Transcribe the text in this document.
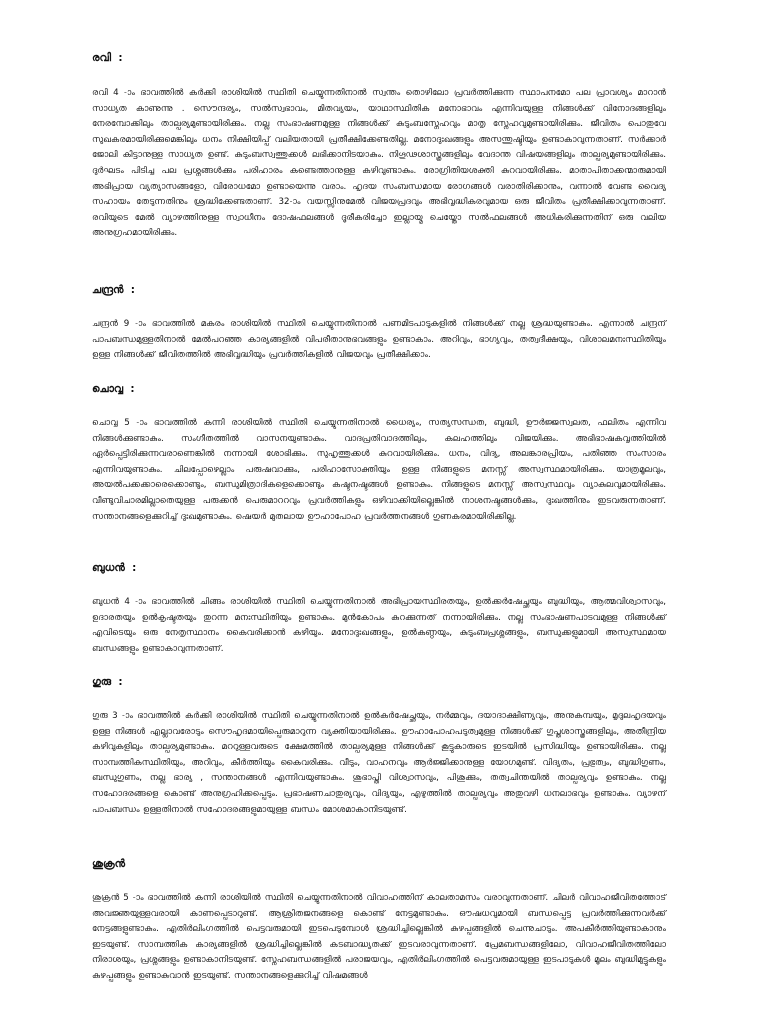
രവി  :

രവി 4 -ാം ഭാവത്തിൽ കർക്കി രാശിയിൽ സ്ഥിതി ചെയ്യുന്നതിനാൽ സ്വന്തം തൊഴിലോ പ്രവർത്തിക്കുന്ന സ്ഥാപനമോ പല പ്രാവശ്യം മാറാൻ സാധ്യത കാണുന്നു . സൌന്ദര്യം, സൽസ്വഭാവം, മിതവ്യയം, യാഥാസ്ഥിതിക മനോഭാവം എന്നിവയുള്ള നിങ്ങൾക്ക് വിനോദങ്ങളിലും നേരമ്പോക്കിലും താല്പര്യമുണ്ടായിരിക്കും. നല്ല സംഭാഷണമുള്ള നിങ്ങൾക്ക് കുടുംബസ്നേഹവും മാതൃ സ്നേഹവുമുണ്ടായിരിക്കും. ജീവിതം പൊതുവേ സുഖകരമായിരിക്കുമെങ്കിലും ധനം നിക്ഷിയിപ്പ് വലിയതായി പ്രതീക്ഷിക്കേണ്ടതില്ല. മനോദുഃഖങ്ങളും അസന്തുഷ്ടിയും ഉണ്ടാകാവുന്നതാണ്. സർക്കാർ ജോലി കിട്ടാനുള്ള സാധ്യത ഉണ്ട്. കുടുംബസ്വത്തുക്കൾ ലഭിക്കാനിടയാകും. നിഗൂഢശാസ്ത്രങ്ങളിലും വേദാന്ത വിഷയങ്ങളിലും താല്പര്യമുണ്ടായിരിക്കും. ദുർഘടം പിടിച്ച പല പ്രശ്നങ്ങൾക്കും പരിഹാരം കണ്ടെത്താനുള്ള കഴിവുണ്ടാകും. രോഗ്രിതിയശക്തി കുറവായിരിക്കും. മാതാപിതാക്കന്മാരുമായി അഭിപ്രായ വ്യത്യാസങ്ങളോ, വിരോധമോ ഉണ്ടായെന്നു വരാം. ഹൃദയ സംബന്ധമായ രോഗങ്ങൾ വരാതിരിക്കാനും, വന്നാൽ വേണ്ട വൈദ്യ സഹായം തേടുന്നതിനും ശ്രദ്ധിക്കേണ്ടതാണ്. 32-ാം വയസ്സിനുമേൽ വിജയപ്രദവും അഭിവൃദ്ധികരവുമായ ഒരു ജീവിതം പ്രതീക്ഷിക്കാവുന്നതാണ്. രവിയുടെ മേൽ വ്യാഴത്തിനുള്ള സ്വാധീനം ദോഷഫലങ്ങൾ ദൂരീകരിച്ചോ ഇല്ലായ്മ ചെയ്തോ സൽഫലങ്ങൾ അധികരിക്കുന്നതിന് ഒരു വലിയ അനുഗ്രഹമായിരിക്കും.

ചന്ദ്രൻ  :

ചന്ദ്രൻ 9 -ാം ഭാവത്തിൽ മകരം രാശിയിൽ സ്ഥിതി ചെയ്യുന്നതിനാൽ പണമിടപാടുകളിൽ നിങ്ങൾക്ക് നല്ല ശ്രദ്ധയുണ്ടാകും. എന്നാൽ ചന്ദ്രന് പാപബന്ധമുള്ളതിനാൽ മേൽപറഞ്ഞ കാര്യങ്ങളിൽ വിപരീതാനുഭവങ്ങളും ഉണ്ടാകാം. അറിവും, ഭാഗ്യവും, തത്വദീക്ഷയും, വിശാലമനഃസ്ഥിതിയും ഉള്ള നിങ്ങൾക്ക് ജീവിതത്തിൽ അഭിവൃദ്ധിയും പ്രവർത്തികളിൽ വിജയവും പ്രതീക്ഷിക്കാം.

ചൊവ്വ  :

ചൊവ്വ 5 -ാം ഭാവത്തിൽ കന്നി രാശിയിൽ സ്ഥിതി ചെയ്യുന്നതിനാൽ ധൈര്യം, സത്യസന്ധത, ബുദ്ധി, ഊർജ്ജസ്വലത, ഫലിതം എന്നിവ നിങ്ങൾക്കുണ്ടാകും. സംഗീതത്തിൽ വാസനയുണ്ടാകും. വാദപ്രതിവാദത്തിലും, കലഹത്തിലും വിജയിക്കും. അഭിഭാഷകവൃത്തിയിൽ ഏർപ്പെട്ടിരിക്കുന്നവരാണെങ്കിൽ നന്നായി ശോഭിക്കും. സുഹൃത്തുക്കൾ കുറവായിരിക്കും. ധനം, വിദ്യ, അലങ്കാരപ്രിയം, പതിഞ്ഞ സംസാരം എന്നിവയുണ്ടാകും. ചിലപ്പോഴെല്ലാം പരുഷവാക്കും, പരിഹാസോക്തിയും ഉള്ള നിങ്ങളുടെ മനസ്സ് അസ്വസ്ഥമായിരിക്കും. യാത്രമൂലവും, അയൽപക്കക്കാരെക്കൊണ്ടും, ബന്ധുമിത്രാദികളെക്കൊണ്ടും കഷ്ടനഷ്ടങ്ങൾ ഉണ്ടാകും. നിങ്ങളുടെ മനസ്സ് അസ്വസ്ഥവും വ്യാകുലവുമായിരിക്കും. വീണ്ടുവിചാരമില്ലാതെയുള്ള പരുക്കൻ പെരുമാററവും പ്രവർത്തികളും ഒഴിവാക്കിയില്ലെങ്കിൽ നാശനഷ്ടങ്ങൾക്കും, ദുഃഖത്തിനും ഇടവരുന്നതാണ്. സന്താനങ്ങളെക്കുറിച്ച് ദുഃഖമുണ്ടാകും. ഷെയർ മുതലായ ഊഹാപോഹ പ്രവർത്തനങ്ങൾ ഗുണകരമായിരിക്കില്ല.

ബുധൻ  :

ബുധൻ 4 -ാം ഭാവത്തിൽ ചിങ്ങം രാശിയിൽ സ്ഥിതി ചെയ്യുന്നതിനാൽ അഭിപ്രായസ്ഥിരതയും, ഉൽക്കർഷേച്ഛയും ബുദ്ധിയും, ആത്മവിശ്വാസവും, ഉദാരതയും ഉൽകൃഷ്ടതയും തുറന്ന മനഃസ്ഥിതിയും ഉണ്ടാകും. മുൻകോപം കുറക്കുന്നത് നന്നായിരിക്കും. നല്ല സംഭാഷണപാടവമുള്ള നിങ്ങൾക്ക് എവിടെയും ഒരു നേതൃസ്ഥാനം കൈവരിക്കാൻ കഴിയും. മനോദുഃഖങ്ങളും, ഉൽകണ്ഠയും, കുടുംബപ്രശ്നങ്ങളും, ബന്ധുക്കളുമായി അസ്വസ്ഥമായ ബന്ധങ്ങളും ഉണ്ടാകാവുന്നതാണ്.

ഗുരു  :

ഗുരു 3 -ാം ഭാവത്തിൽ കർക്കി രാശിയിൽ സ്ഥിതി ചെയ്യുന്നതിനാൽ ഉൽകർഷേച്ഛയും, നർമ്മവും, ദയാദാക്ഷിണ്യവും, അനുകമ്പയും, മൃദുലഹൃദയവും ഉള്ള നിങ്ങൾ എല്ലാവരോടും സൌഹൃദമായിപ്പെരുമാറുന്ന വ്യക്തിയായിരിക്കും. ഊഹാപോഹപടുത്വമുള്ള നിങ്ങൾക്ക് ഗുപ്തശാസ്ത്രങ്ങളിലും, അതീന്ദ്രിയ കഴിവുകളിലും താല്പര്യമുണ്ടാകും. മററുള്ളവരുടെ ക്ഷേമത്തിൽ താല്പര്യമുള്ള നിങ്ങൾക്ക് കൂട്ടുകാരുടെ ഇടയിൽ പ്രസിദ്ധിയും ഉണ്ടായിരിക്കും. നല്ല സാമ്പത്തികസ്ഥിതിയും, അറിവും, കീർത്തിയും കൈവരിക്കും. വീടും, വാഹനവും ആർജ്ജിക്കാനുള്ള യോഗമുണ്ട്. വിദ്യതം, പ്രഭുത്വം, ബുദ്ധിഗുണം, ബന്ധുഗുണം, നല്ല ഭാര്യ , സന്താനങ്ങൾ എന്നിവയുണ്ടാകും. ശുഭാപ്തി വിശ്വാസവും, പിശുക്കും, തത്വചിന്തയിൽ താല്പര്യവും ഉണ്ടാകും. നല്ല സഹോദരങ്ങളെ കൊണ്ട് അനുഗ്രഹിക്കപ്പെടും. പ്രഭാഷണചാതുര്യവും, വിദ്യയും, എഴുത്തിൽ താല്പര്യവും അതുവഴി ധനലാഭവും ഉണ്ടാകും. വ്യാഴന് പാപബന്ധം ഉള്ളതിനാൽ സഹോദരങ്ങളുമായുള്ള ബന്ധം മോശമാകാനിടയുണ്ട്.

ശുക്രൻ

ശുക്രൻ 5 -ാം ഭാവത്തിൽ കന്നി രാശിയിൽ സ്ഥിതി ചെയ്യുന്നതിനാൽ വിവാഹത്തിന് കാലതാമസം വരാവുന്നതാണ്. ചിലർ വിവാഹജീവിതത്തോട് അവജ്ഞയുള്ളവരായി കാണപ്പെടാറുണ്ട്. ആശ്രിതജനങ്ങളെ കൊണ്ട് നേട്ടമുണ്ടാകും. ഔഷധവുമായി ബന്ധപ്പെട്ട പ്രവർത്തിക്കുന്നവർക്ക് നേട്ടങ്ങളുണ്ടാകും. എതിർലിംഗത്തിൽ പെട്ടവരുമായി ഇടപെടുമ്പോൾ ശ്രദ്ധിച്ചില്ലെങ്കിൽ കുഴപ്പങ്ങളിൽ ചെന്നുചാടും. അപകീർത്തിയുണ്ടാകാനും ഇടയുണ്ട്. സാമ്പത്തിക കാര്യങ്ങളിൽ ശ്രദ്ധിച്ചില്ലെങ്കിൽ കടബാദ്ധ്യതക്ക് ഇടവരാവുന്നതാണ്. പ്രേമബന്ധങ്ങളിലോ, വിവാഹജീവിതത്തിലോ നിരാശയും, പ്രശ്നങ്ങളും ഉണ്ടാകാനിടയുണ്ട്. സ്നേഹബന്ധങ്ങളിൽ പരാജയവും, എതിർലിംഗത്തിൽ പെട്ടവരുമായുള്ള ഇടപാടുകൾ മൂലം ബുദ്ധിമുട്ടുകളും കുഴപ്പങ്ങളും ഉണ്ടാകുവാൻ ഇടയുണ്ട്. സന്താനങ്ങളെക്കുറിച്ച് വിഷമങ്ങൾ
